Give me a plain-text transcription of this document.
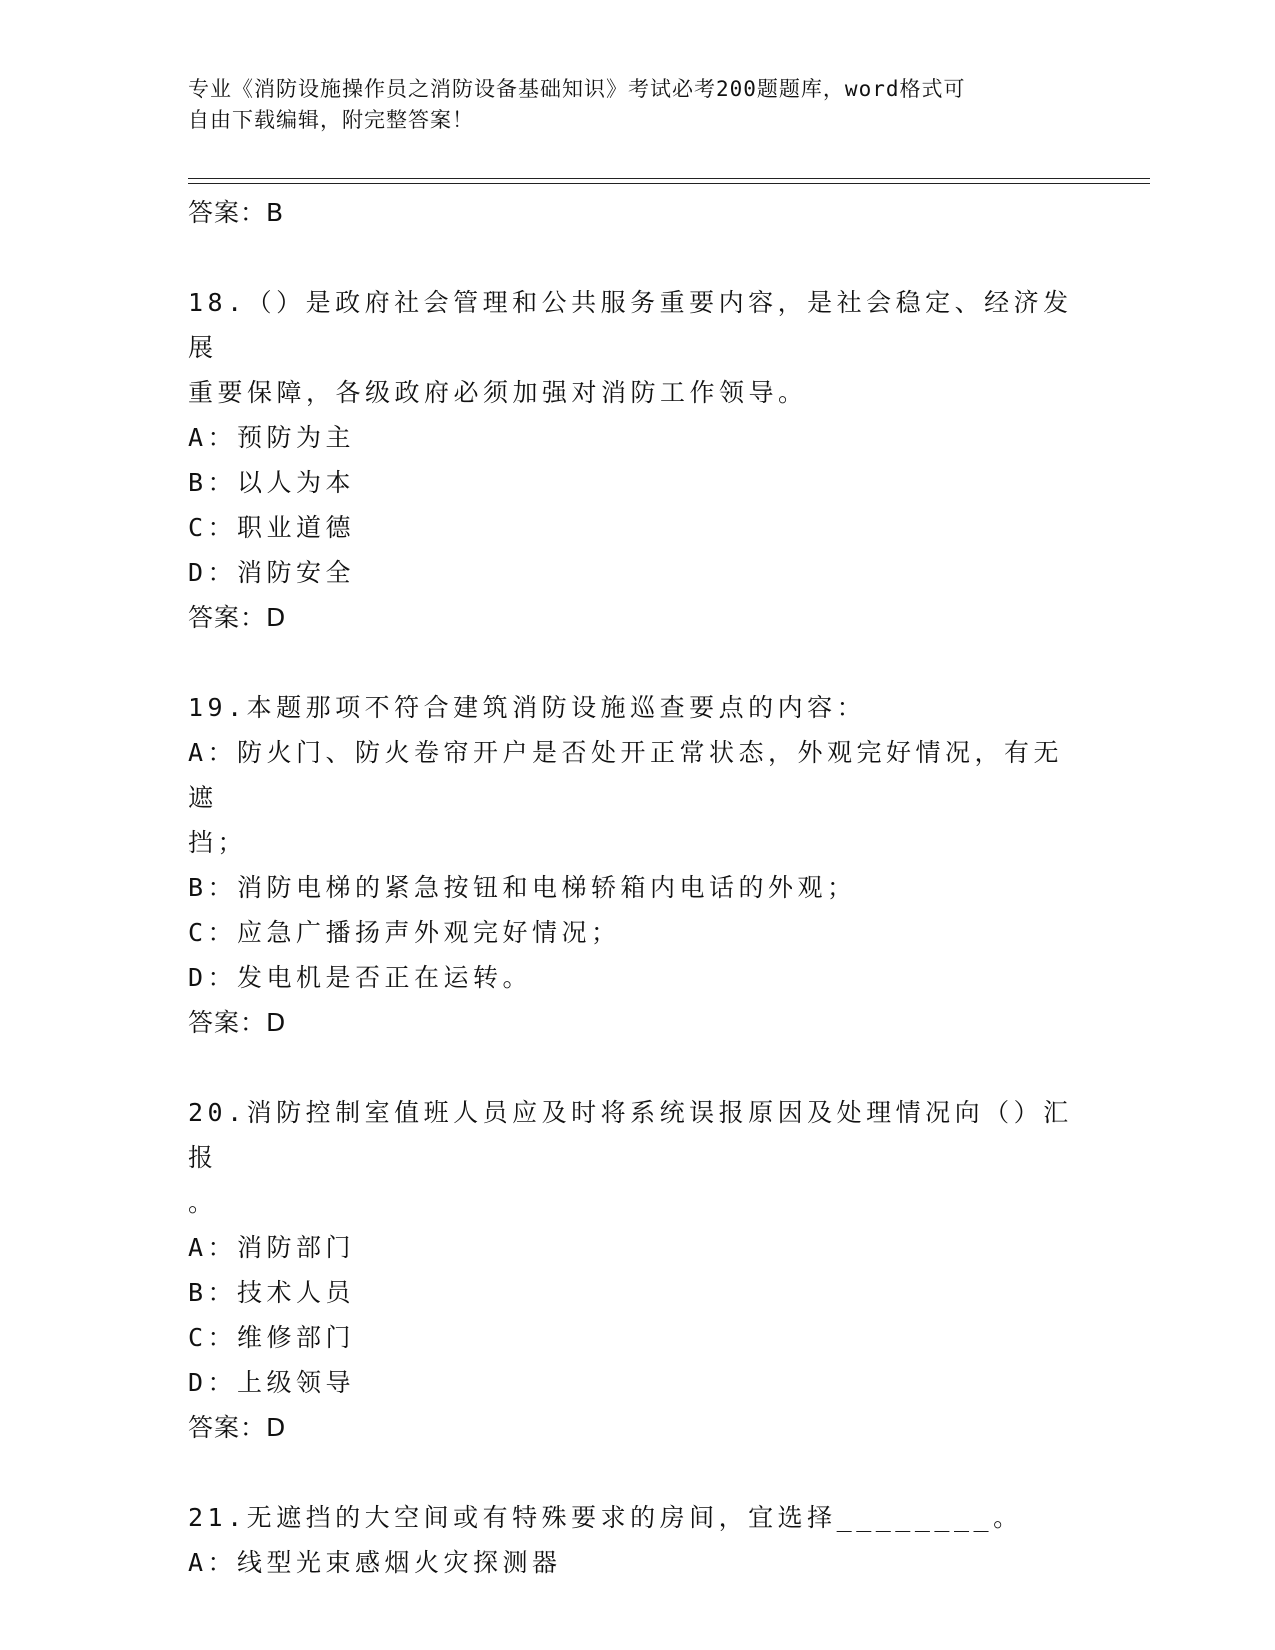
专业《消防设施操作员之消防设备基础知识》考试必考200题题库，word格式可
自由下载编辑，附完整答案！
答案：B
18.（）是政府社会管理和公共服务重要内容，是社会稳定、经济发展
重要保障，各级政府必须加强对消防工作领导。
A：预防为主
B：以人为本
C：职业道德
D：消防安全
答案：D
19.本题那项不符合建筑消防设施巡查要点的内容：
A：防火门、防火卷帘开户是否处开正常状态，外观完好情况，有无遮
挡；
B：消防电梯的紧急按钮和电梯轿箱内电话的外观；
C：应急广播扬声外观完好情况；
D：发电机是否正在运转。
答案：D
20.消防控制室值班人员应及时将系统误报原因及处理情况向（）汇报
。
A：消防部门
B：技术人员
C：维修部门
D：上级领导
答案：D
21.无遮挡的大空间或有特殊要求的房间，宜选择________。
A：线型光束感烟火灾探测器
